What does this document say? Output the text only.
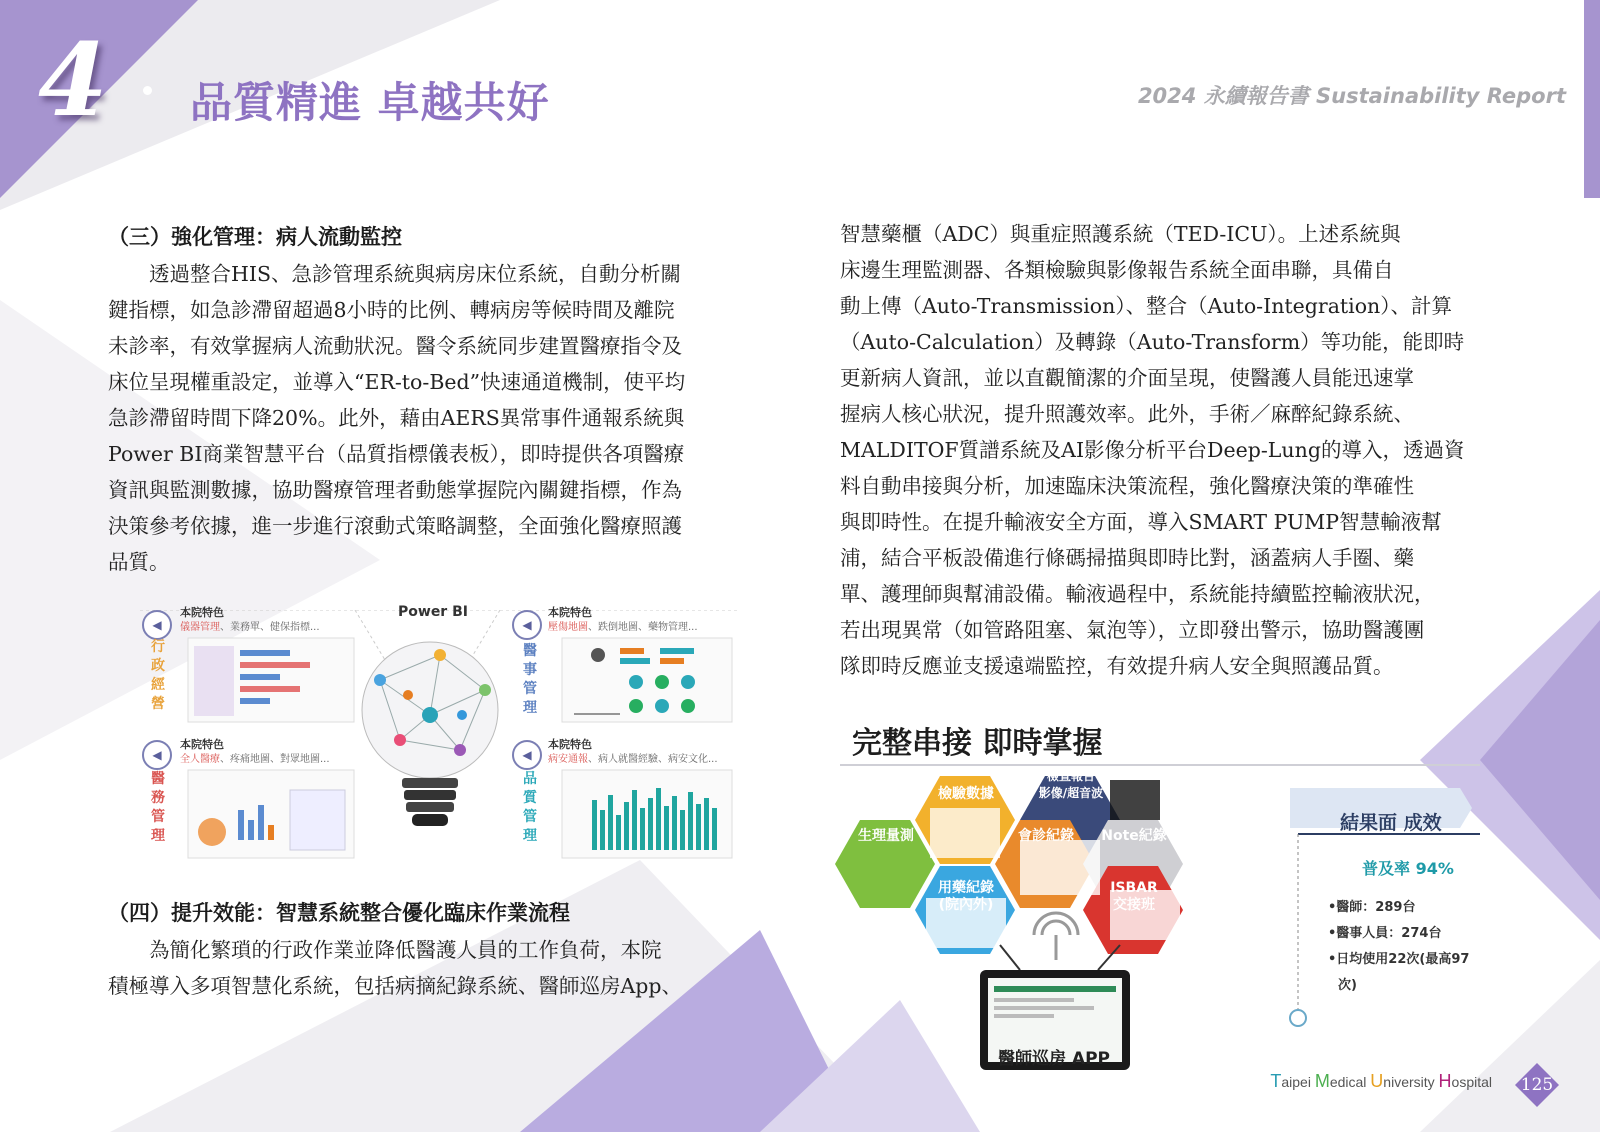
4 品質精進 卓越共好	2024 永續報告書 Sustainability Report
（三）強化管理：病人流動監控
　　透過整合HIS、急診管理系統與病房床位系統，自動分析關
鍵指標，如急診滯留超過8小時的比例、轉病房等候時間及離院
未診率，有效掌握病人流動狀況。醫令系統同步建置醫療指令及
床位呈現權重設定，並導入“ER-to-Bed”快速通道機制，使平均
急診滯留時間下降20%。此外，藉由AERS異常事件通報系統與
Power BI商業智慧平台（品質指標儀表板），即時提供各項醫療
資訊與監測數據，協助醫療管理者動態掌握院內關鍵指標，作為
決策參考依據，進一步進行滾動式策略調整，全面強化醫療照護
品質。
Power BI
◀
本院特色
儀器管理、業務單、健保指標...
行政經營
◀
本院特色
壓傷地圖、跌倒地圖、藥物管理...
醫事管理
◀
本院特色
全人醫療、疼痛地圖、對眾地圖...
醫務管理
◀
本院特色
病安通報、病人就醫經驗、病安文化...
品質管理
（四）提升效能：智慧系統整合優化臨床作業流程
　　為簡化繁瑣的行政作業並降低醫護人員的工作負荷，本院
積極導入多項智慧化系統，包括病摘紀錄系統、醫師巡房App、
智慧藥櫃（ADC）與重症照護系統（TED-ICU）。上述系統與
床邊生理監測器、各類檢驗與影像報告系統全面串聯，具備自
動上傳（Auto-Transmission）、整合（Auto-Integration）、計算
（Auto-Calculation）及轉錄（Auto-Transform）等功能，能即時
更新病人資訊，並以直觀簡潔的介面呈現，使醫護人員能迅速掌
握病人核心狀況，提升照護效率。此外，手術／麻醉紀錄系統、
MALDITOF質譜系統及AI影像分析平台Deep-Lung的導入，透過資
料自動串接與分析，加速臨床決策流程，強化醫療決策的準確性
與即時性。在提升輸液安全方面，導入SMART PUMP智慧輸液幫
浦，結合平板設備進行條碼掃描與即時比對，涵蓋病人手圈、藥
單、護理師與幫浦設備。輸液過程中，系統能持續監控輸液狀況，
若出現異常（如管路阻塞、氣泡等），立即發出警示，協助醫護團
隊即時反應並支援遠端監控，有效提升病人安全與照護品質。
完整串接 即時掌握
生理量測
檢驗數據
檢查報告
影像/超音波
會診紀錄	Note紀錄
用藥紀錄
(院內外)
ISBAR
交接班
醫師巡房 APP
結果面 成效
普及率 94%
•醫師：289台
•醫事人員：274台
•日均使用22次(最高97
次)
Taipei Medical University Hospital 125
